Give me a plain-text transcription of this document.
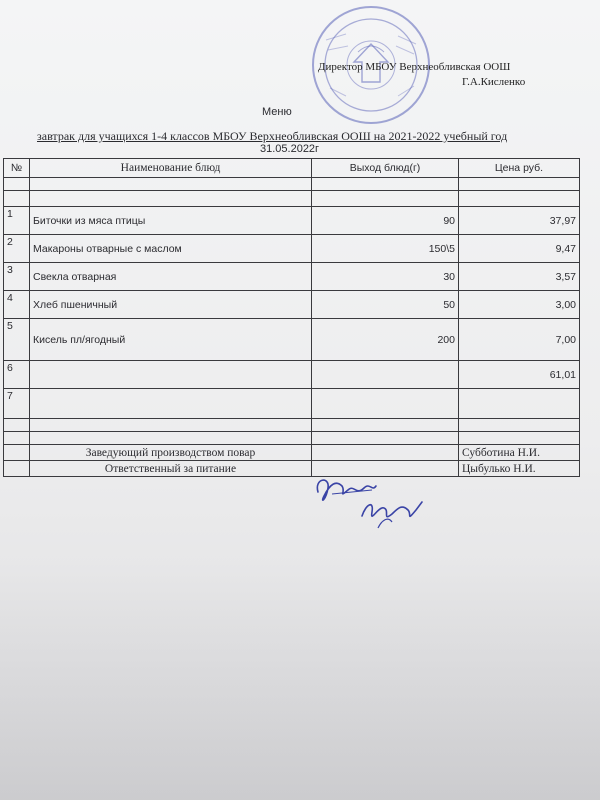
Директор МБОУ Верхнеобливская ООШ
Г.А.Кисленко
Меню
завтрак для учащихся 1-4 классов МБОУ Верхнеобливская ООШ на 2021-2022 учебный год
31.05.2022г
№	Наименование блюд	Выход блюд(г)	Цена руб.

1	Биточки из мяса птицы	90	37,97
2	Макароны отварные с маслом	150\5	9,47
3	Свекла отварная	30	3,57
4	Хлеб пшеничный	50	3,00
5	Кисель пл/ягодный	200	7,00
6			61,01
7			

	Заведующий производством повар		Субботина Н.И.
	Ответственный за питание		Цыбулько Н.И.
